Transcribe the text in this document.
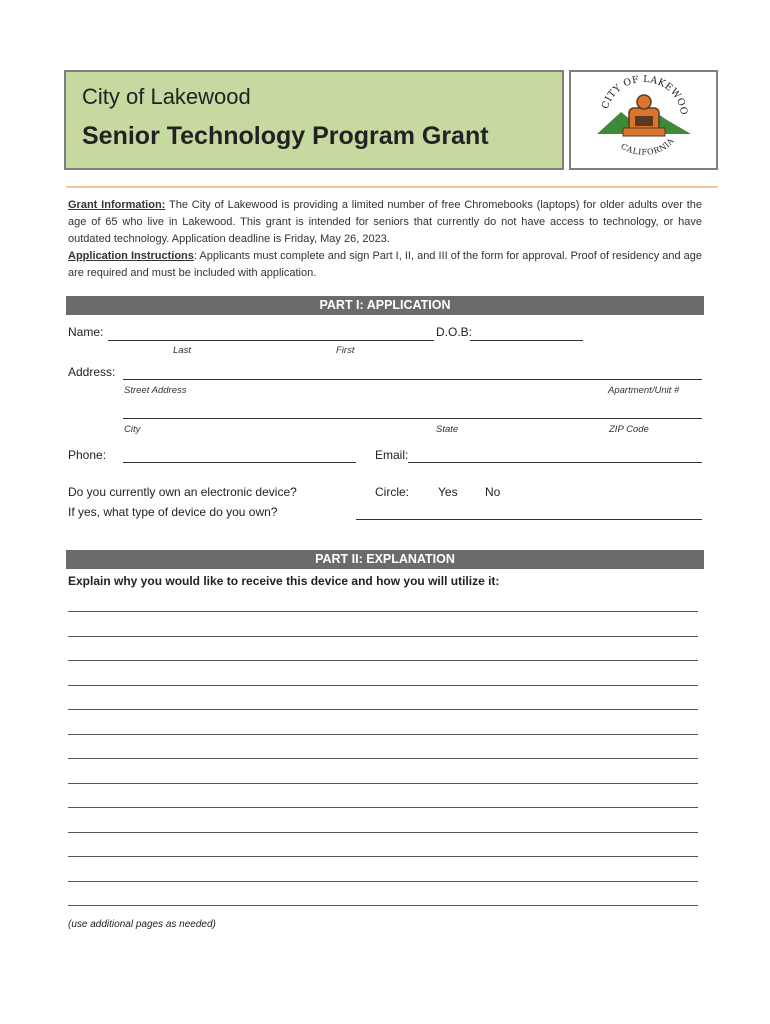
City of Lakewood
Senior Technology Program Grant
CITY OF LAKEWOO
CALIFORNIA

Grant Information: The City of Lakewood is providing a limited number of free Chromebooks (laptops) for older adults over the age of 65 who live in Lakewood. This grant is intended for seniors that currently do not have access to technology, or have outdated technology. Application deadline is Friday, May 26, 2023.

Application Instructions: Applicants must complete and sign Part I, II, and III of the form for approval. Proof of residency and age are required and must be included with application.

PART I: APPLICATION
Name:
Last	First
D.O.B:
Address:
Street Address	Apartment/Unit #
City	State	ZIP Code
Phone:	Email:
Do you currently own an electronic device?	Circle: Yes No
If yes, what type of device do you own?
PART II: EXPLANATION
Explain why you would like to receive this device and how you will utilize it:
(use additional pages as needed)
